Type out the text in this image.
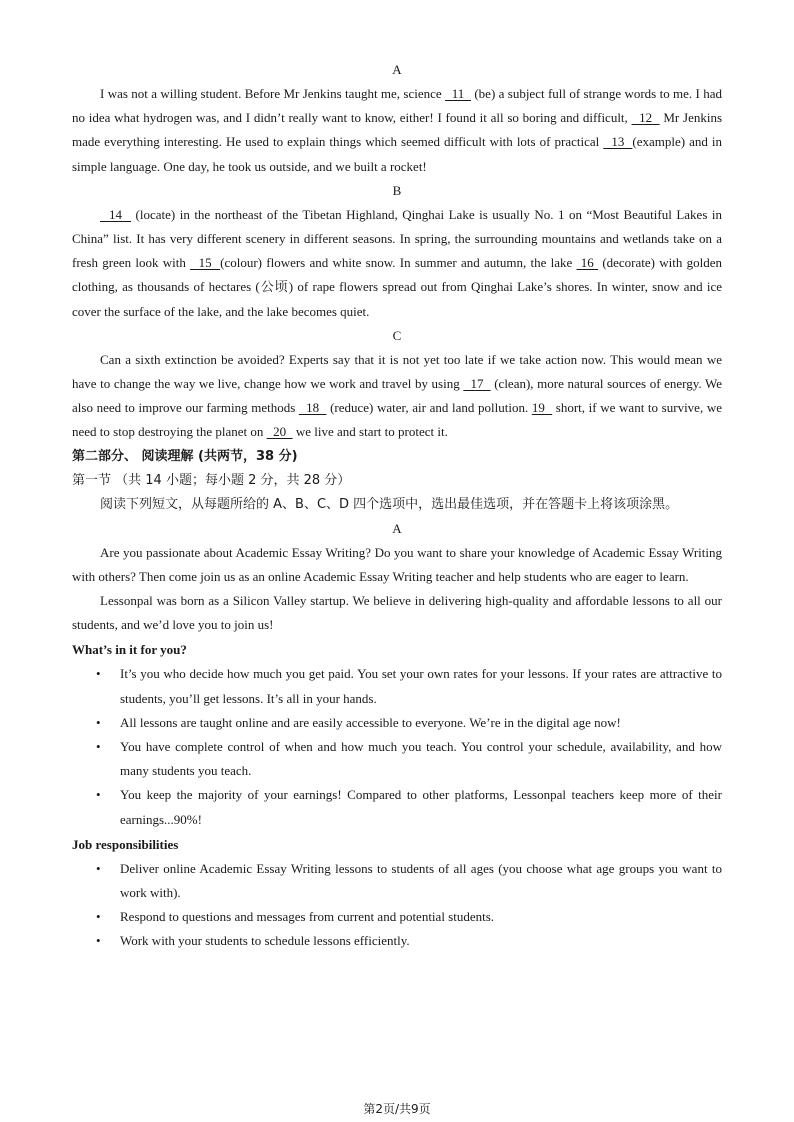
A

I was not a willing student. Before Mr Jenkins taught me, science   11   (be) a subject full of strange words to me. I had no idea what hydrogen was, and I didn’t really want to know, either! I found it all so boring and difficult,   12   Mr Jenkins made everything interesting. He used to explain things which seemed difficult with lots of practical   13  (example) and in simple language. One day, he took us outside, and we built a rocket!

B

14   (locate) in the northeast of the Tibetan Highland, Qinghai Lake is usually No. 1 on “Most Beautiful Lakes in China” list. It has very different scenery in different seasons. In spring, the surrounding mountains and wetlands take on a fresh green look with   15  (colour) flowers and white snow. In summer and autumn, the lake  16  (decorate) with golden clothing, as thousands of hectares (公顷) of rape flowers spread out from Qinghai Lake’s shores. In winter, snow and ice cover the surface of the lake, and the lake becomes quiet.

C

Can a sixth extinction be avoided? Experts say that it is not yet too late if we take action now. This would mean we have to change the way we live, change how we work and travel by using   17   (clean), more natural sources of energy. We also need to improve our farming methods   18   (reduce) water, air and land pollution. 19   short, if we want to survive, we need to stop destroying the planet on   20   we live and start to protect it.

第二部分、 阅读理解 (共两节，38 分)
第一节 （共 14 小题；每小题 2 分，共 28 分）
阅读下列短文，从每题所给的 A、B、C、D 四个选项中，选出最佳选项，并在答题卡上将该项涂黑。
A

Are you passionate about Academic Essay Writing? Do you want to share your knowledge of Academic Essay Writing with others? Then come join us as an online Academic Essay Writing teacher and help students who are eager to learn.

Lessonpal was born as a Silicon Valley startup. We believe in delivering high-quality and affordable lessons to all our students, and we’d love you to join us!

What’s in it for you?
• It’s you who decide how much you get paid. You set your own rates for your lessons. If your rates are attractive to students, you’ll get lessons. It’s all in your hands.
• All lessons are taught online and are easily accessible to everyone. We’re in the digital age now!
• You have complete control of when and how much you teach. You control your schedule, availability, and how many students you teach.
• You keep the majority of your earnings! Compared to other platforms, Lessonpal teachers keep more of their earnings...90%!
Job responsibilities
• Deliver online Academic Essay Writing lessons to students of all ages (you choose what age groups you want to work with).
• Respond to questions and messages from current and potential students.
• Work with your students to schedule lessons efficiently.
第2页/共9页
